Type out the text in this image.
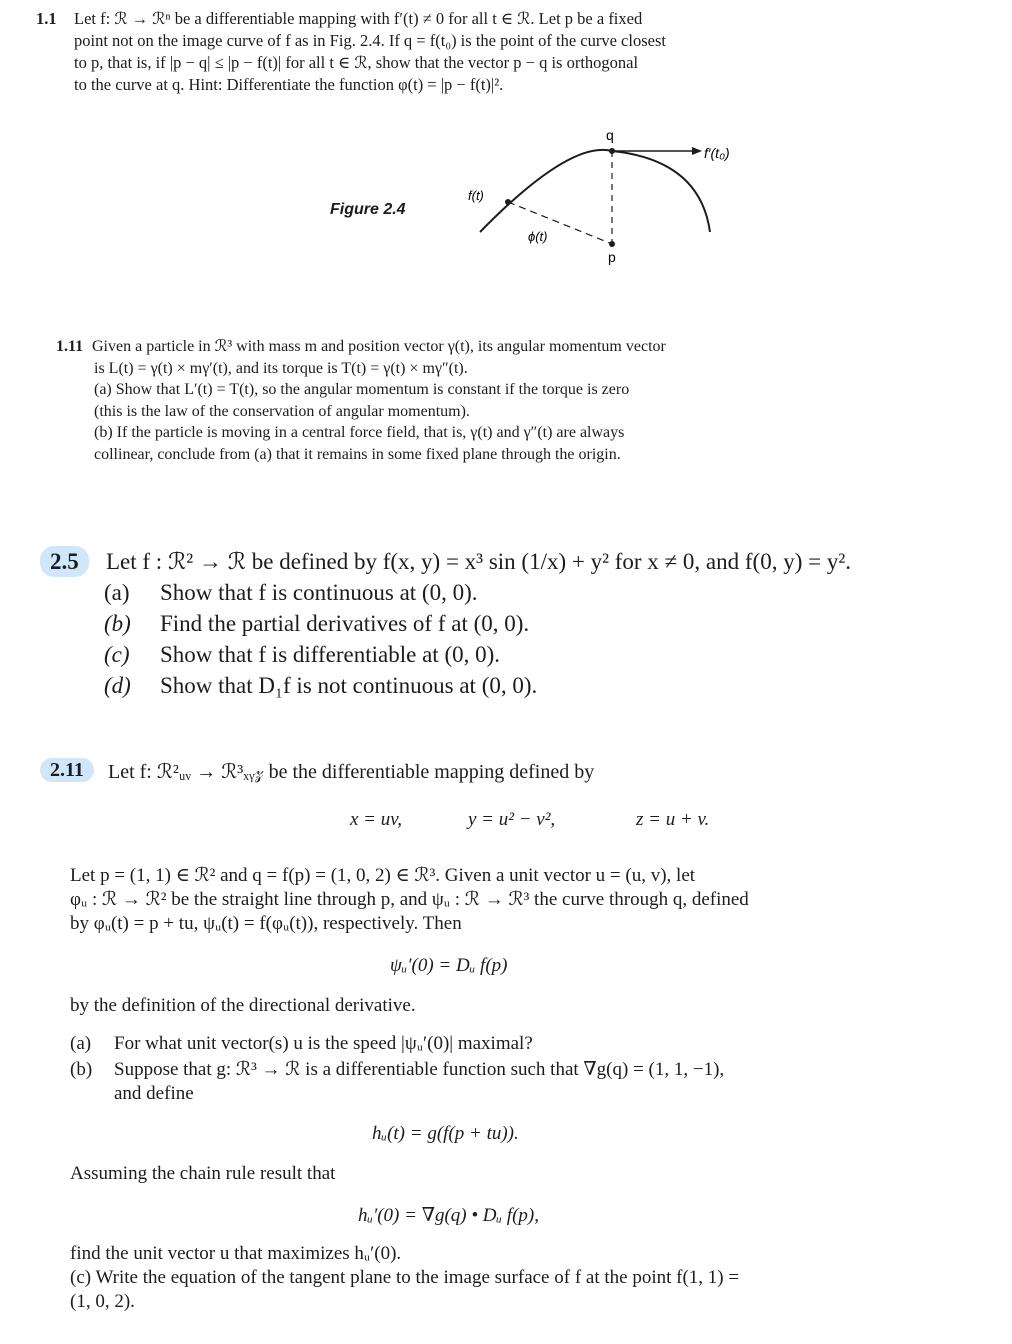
1.1 Let f: ℛ → ℛⁿ be a differentiable mapping with f′(t) ≠ 0 for all t ∈ ℛ. Let p be a fixed
point not on the image curve of f as in Fig. 2.4. If q = f(t₀) is the point of the curve closest
to p, that is, if |p − q| ≤ |p − f(t)| for all t ∈ ℛ, show that the vector p − q is orthogonal
to the curve at q. Hint: Differentiate the function φ(t) = |p − f(t)|².
Figure 2.4
q
f′(t₀)
f(t)
ϕ(t)
p
1.11 Given a particle in ℛ³ with mass m and position vector γ(t), its angular momentum vector
is L(t) = γ(t) × mγ′(t), and its torque is T(t) = γ(t) × mγ″(t).
(a) Show that L′(t) = T(t), so the angular momentum is constant if the torque is zero
(this is the law of the conservation of angular momentum).
(b) If the particle is moving in a central force field, that is, γ(t) and γ″(t) are always
collinear, conclude from (a) that it remains in some fixed plane through the origin.
2.5	Let f : ℛ² → ℛ be defined by f(x, y) = x³ sin (1/x) + y² for x ≠ 0, and f(0, y) = y².
(a) Show that f is continuous at (0, 0).
(b) Find the partial derivatives of f at (0, 0).
(c) Show that f is differentiable at (0, 0).
(d) Show that D₁f is not continuous at (0, 0).
2.11	Let f: ℛ²ᵤᵥ → ℛ³ₓᵧ𝓏 be the differentiable mapping defined by
x = uv,	y = u² − v²,	z = u + v.
Let p = (1, 1) ∈ ℛ² and q = f(p) = (1, 0, 2) ∈ ℛ³. Given a unit vector u = (u, v), let
φᵤ : ℛ → ℛ² be the straight line through p, and ψᵤ : ℛ → ℛ³ the curve through q, defined
by φᵤ(t) = p + tu, ψᵤ(t) = f(φᵤ(t)), respectively. Then
ψᵤ′(0) = Dᵤ f(p)
by the definition of the directional derivative.
(a) For what unit vector(s) u is the speed |ψᵤ′(0)| maximal?
(b) Suppose that g: ℛ³ → ℛ is a differentiable function such that ∇g(q) = (1, 1, −1),
and define
hᵤ(t) = g(f(p + tu)).
Assuming the chain rule result that
hᵤ′(0) = ∇g(q) • Dᵤ f(p),
find the unit vector u that maximizes hᵤ′(0).
(c) Write the equation of the tangent plane to the image surface of f at the point f(1, 1) =
(1, 0, 2).
